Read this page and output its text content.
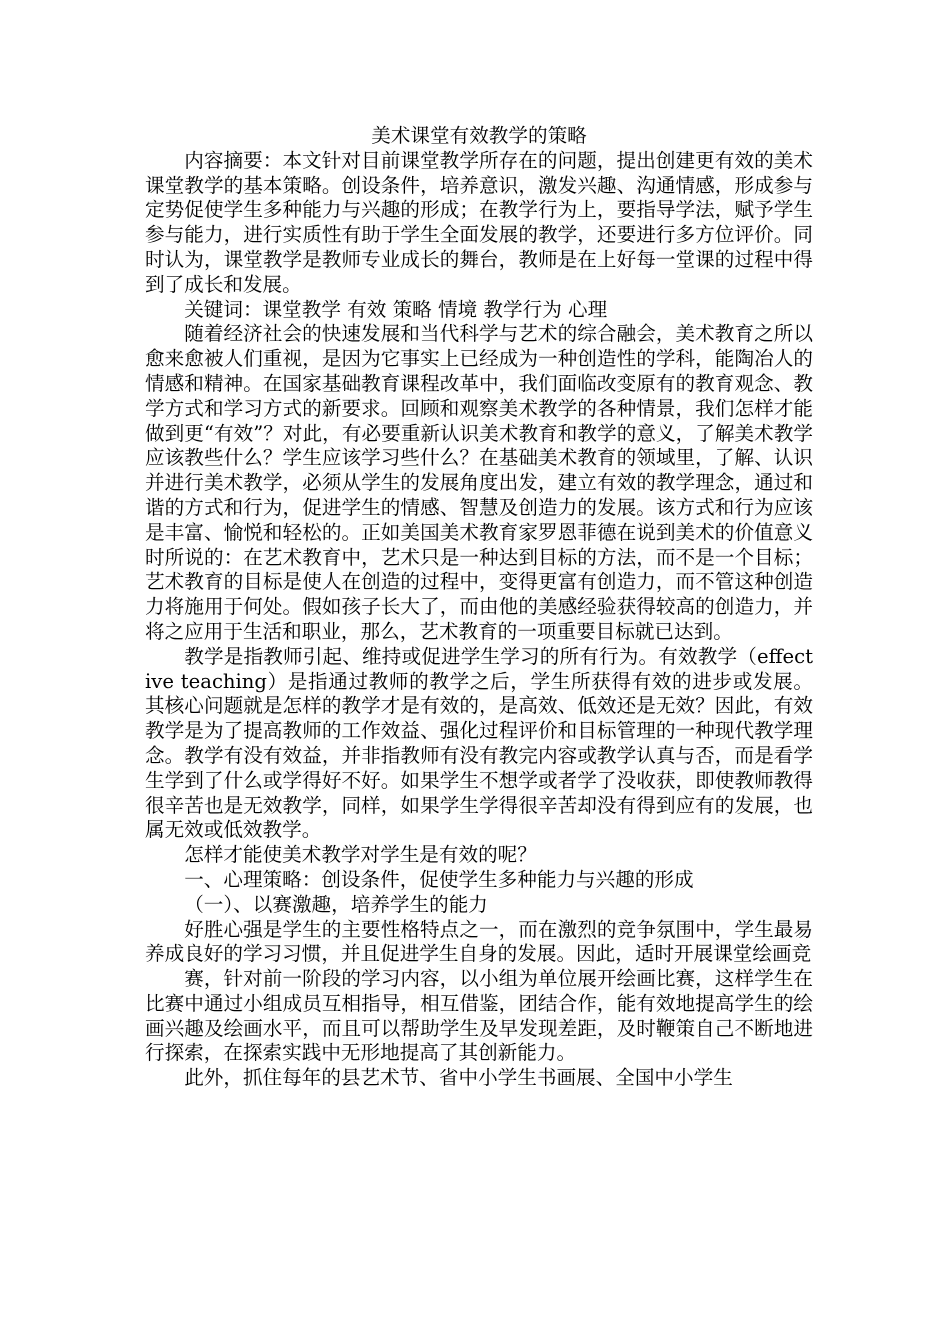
美术课堂有效教学的策略

内容摘要：本文针对目前课堂教学所存在的问题，提出创建更有效的美术课堂教学的基本策略。创设条件，培养意识，激发兴趣、沟通情感，形成参与定势促使学生多种能力与兴趣的形成；在教学行为上，要指导学法，赋予学生参与能力，进行实质性有助于学生全面发展的教学，还要进行多方位评价。同时认为，课堂教学是教师专业成长的舞台，教师是在上好每一堂课的过程中得到了成长和发展。

关键词：课堂教学 有效 策略 情境 教学行为 心理

随着经济社会的快速发展和当代科学与艺术的综合融会，美术教育之所以愈来愈被人们重视，是因为它事实上已经成为一种创造性的学科，能陶冶人的情感和精神。在国家基础教育课程改革中，我们面临改变原有的教育观念、教学方式和学习方式的新要求。回顾和观察美术教学的各种情景，我们怎样才能做到更“有效”？对此，有必要重新认识美术教育和教学的意义，了解美术教学应该教些什么？学生应该学习些什么？在基础美术教育的领域里，了解、认识并进行美术教学，必须从学生的发展角度出发，建立有效的教学理念，通过和谐的方式和行为，促进学生的情感、智慧及创造力的发展。该方式和行为应该是丰富、愉悦和轻松的。正如美国美术教育家罗恩菲德在说到美术的价值意义时所说的：在艺术教育中，艺术只是一种达到目标的方法，而不是一个目标；艺术教育的目标是使人在创造的过程中，变得更富有创造力，而不管这种创造力将施用于何处。假如孩子长大了，而由他的美感经验获得较高的创造力，并将之应用于生活和职业，那么，艺术教育的一项重要目标就已达到。

教学是指教师引起、维持或促进学生学习的所有行为。有效教学（effective teaching）是指通过教师的教学之后，学生所获得有效的进步或发展。其核心问题就是怎样的教学才是有效的，是高效、低效还是无效？因此，有效教学是为了提高教师的工作效益、强化过程评价和目标管理的一种现代教学理念。教学有没有效益，并非指教师有没有教完内容或教学认真与否，而是看学生学到了什么或学得好不好。如果学生不想学或者学了没收获，即使教师教得很辛苦也是无效教学，同样，如果学生学得很辛苦却没有得到应有的发展，也属无效或低效教学。

怎样才能使美术教学对学生是有效的呢？

一、心理策略：创设条件，促使学生多种能力与兴趣的形成

（一）、以赛激趣，培养学生的能力

好胜心强是学生的主要性格特点之一，而在激烈的竞争氛围中，学生最易养成良好的学习习惯，并且促进学生自身的发展。因此，适时开展课堂绘画竞

赛，针对前一阶段的学习内容，以小组为单位展开绘画比赛，这样学生在比赛中通过小组成员互相指导，相互借鉴，团结合作，能有效地提高学生的绘画兴趣及绘画水平，而且可以帮助学生及早发现差距，及时鞭策自己不断地进行探索，在探索实践中无形地提高了其创新能力。

此外，抓住每年的县艺术节、省中小学生书画展、全国中小学生
